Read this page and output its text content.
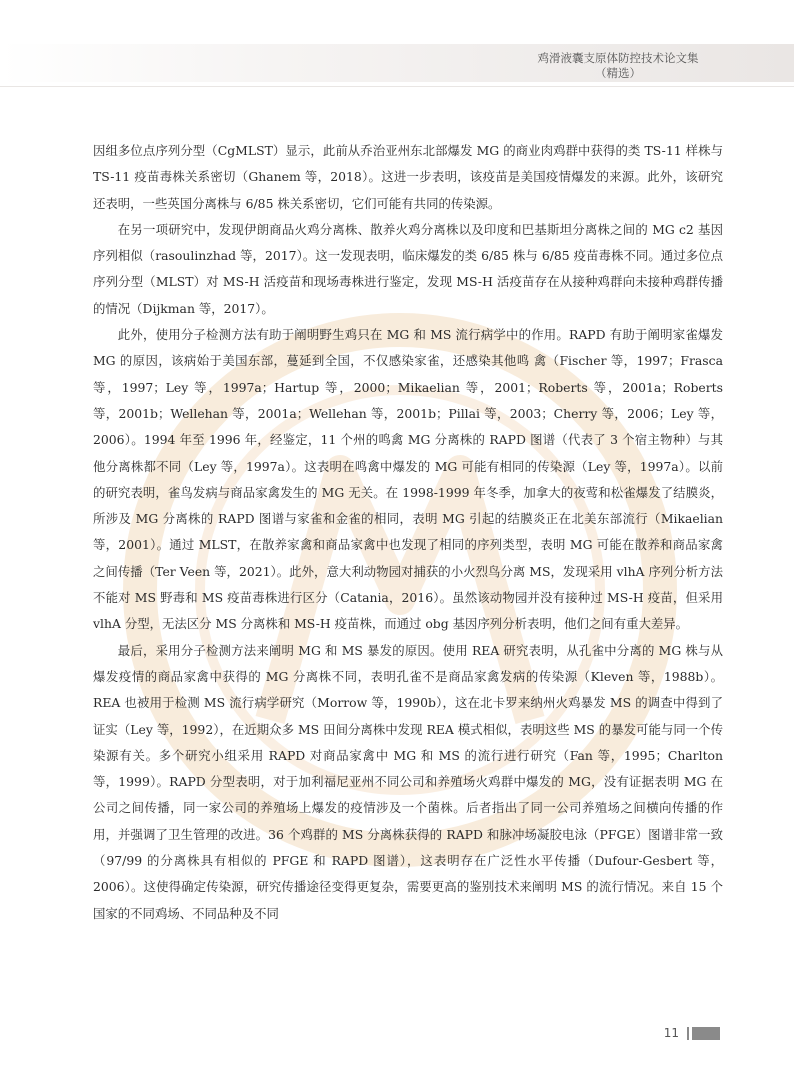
鸡滑液囊支原体防控技术论文集
（精选）

因组多位点序列分型（CgMLST）显示，此前从乔治亚州东北部爆发 MG 的商业肉鸡群中获得的类 TS-11 样株与 TS-11 疫苗毒株关系密切（Ghanem 等，2018）。这进一步表明，该疫苗是美国疫情爆发的来源。此外，该研究还表明，一些英国分离株与 6/85 株关系密切，它们可能有共同的传染源。

在另一项研究中，发现伊朗商品火鸡分离株、散养火鸡分离株以及印度和巴基斯坦分离株之间的 MG c2 基因序列相似（rasoulinzhad 等，2017）。这一发现表明，临床爆发的类 6/85 株与 6/85 疫苗毒株不同。通过多位点序列分型（MLST）对 MS-H 活疫苗和现场毒株进行鉴定，发现 MS-H 活疫苗存在从接种鸡群向未接种鸡群传播的情况（Dijkman 等，2017）。

此外，使用分子检测方法有助于阐明野生鸡只在 MG 和 MS 流行病学中的作用。RAPD 有助于阐明家雀爆发 MG 的原因，该病始于美国东部，蔓延到全国，不仅感染家雀，还感染其他鸣 禽（Fischer 等，1997；Frasca 等，1997；Ley 等，1997a；Hartup 等，2000；Mikaelian 等，2001；Roberts 等，2001a；Roberts 等，2001b；Wellehan 等，2001a；Wellehan 等，2001b；Pillai 等，2003；Cherry 等，2006；Ley 等，2006）。1994 年至 1996 年，经鉴定，11 个州的鸣禽 MG 分离株的 RAPD 图谱（代表了 3 个宿主物种）与其他分离株都不同（Ley 等，1997a）。这表明在鸣禽中爆发的 MG 可能有相同的传染源（Ley 等，1997a）。以前的研究表明，雀鸟发病与商品家禽发生的 MG 无关。在 1998-1999 年冬季，加拿大的夜莺和松雀爆发了结膜炎，所涉及 MG 分离株的 RAPD 图谱与家雀和金雀的相同，表明 MG 引起的结膜炎正在北美东部流行（Mikaelian 等，2001）。通过 MLST，在散养家禽和商品家禽中也发现了相同的序列类型，表明 MG 可能在散养和商品家禽之间传播（Ter Veen 等，2021）。此外，意大利动物园对捕获的小火烈鸟分离 MS，发现采用 vlhA 序列分析方法不能对 MS 野毒和 MS 疫苗毒株进行区分（Catania，2016）。虽然该动物园并没有接种过 MS-H 疫苗，但采用 vlhA 分型，无法区分 MS 分离株和 MS-H 疫苗株，而通过 obg 基因序列分析表明，他们之间有重大差异。

最后，采用分子检测方法来阐明 MG 和 MS 暴发的原因。使用 REA 研究表明，从孔雀中分离的 MG 株与从爆发疫情的商品家禽中获得的 MG 分离株不同，表明孔雀不是商品家禽发病的传染源（Kleven 等，1988b）。REA 也被用于检测 MS 流行病学研究（Morrow 等，1990b），这在北卡罗来纳州火鸡暴发 MS 的调查中得到了证实（Ley 等，1992），在近期众多 MS 田间分离株中发现 REA 模式相似，表明这些 MS 的暴发可能与同一个传染源有关。多个研究小组采用 RAPD 对商品家禽中 MG 和 MS 的流行进行研究（Fan 等，1995；Charlton 等，1999）。RAPD 分型表明，对于加利福尼亚州不同公司和养殖场火鸡群中爆发的 MG，没有证据表明 MG 在公司之间传播，同一家公司的养殖场上爆发的疫情涉及一个菌株。后者指出了同一公司养殖场之间横向传播的作用，并强调了卫生管理的改进。36 个鸡群的 MS 分离株获得的 RAPD 和脉冲场凝胶电泳（PFGE）图谱非常一致（97/99 的分离株具有相似的 PFGE 和 RAPD 图谱），这表明存在广泛性水平传播（Dufour-Gesbert 等，2006）。这使得确定传染源，研究传播途径变得更复杂，需要更高的鉴别技术来阐明 MS 的流行情况。来自 15 个国家的不同鸡场、不同品种及不同

11
